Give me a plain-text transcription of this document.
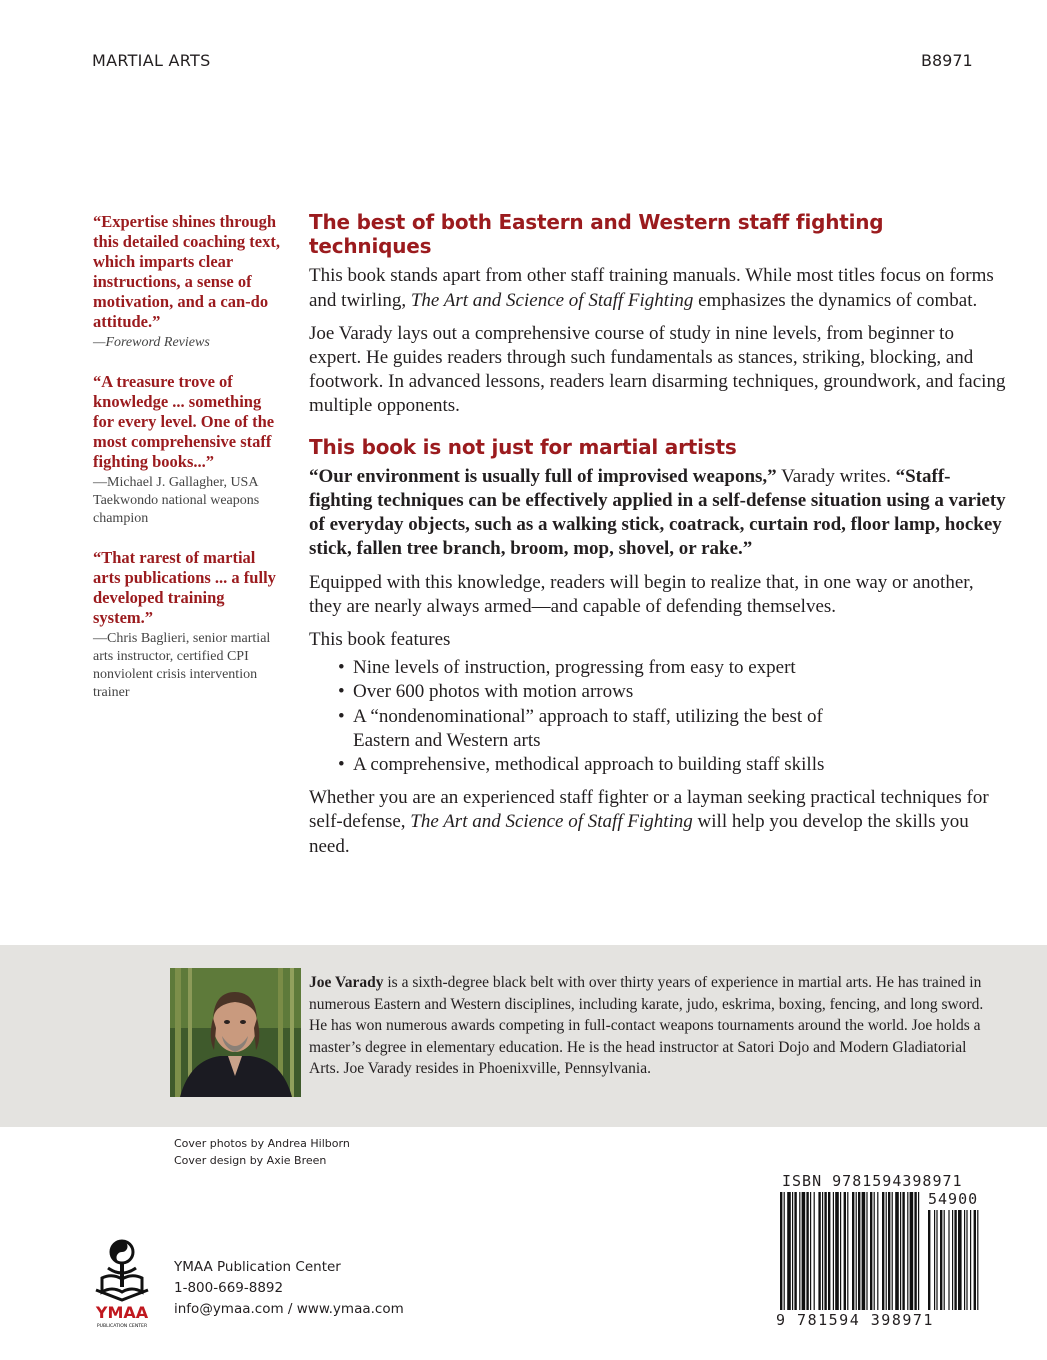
MARTIAL ARTS	B8971
“Expertise shines through this detailed coaching text, which imparts clear instructions, a sense of motivation, and a can-do attitude.”
—Foreword Reviews
“A treasure trove of knowledge ... something for every level. One of the most comprehensive staff fighting books...”
—Michael J. Gallagher, USA Taekwondo national weapons champion
“That rarest of martial arts publications ... a fully developed training system.”
—Chris Baglieri, senior martial arts instructor, certified CPI nonviolent crisis intervention trainer
The best of both Eastern and Western staff fighting techniques

This book stands apart from other staff training manuals. While most titles focus on forms and twirling, The Art and Science of Staff Fighting emphasizes the dynamics of combat.

Joe Varady lays out a comprehensive course of study in nine levels, from beginner to expert. He guides readers through such fundamentals as stances, striking, blocking, and footwork. In advanced lessons, readers learn disarming techniques, groundwork, and facing multiple opponents.

This book is not just for martial artists

“Our environment is usually full of improvised weapons,” Varady writes. “Staff-fighting techniques can be effectively applied in a self-defense situation using a variety of everyday objects, such as a walking stick, coatrack, curtain rod, floor lamp, hockey stick, fallen tree branch, broom, mop, shovel, or rake.”

Equipped with this knowledge, readers will begin to realize that, in one way or another, they are nearly always armed—and capable of defending themselves.

This book features

• Nine levels of instruction, progressing from easy to expert
• Over 600 photos with motion arrows
• A “nondenominational” approach to staff, utilizing the best of Eastern and Western arts
• A comprehensive, methodical approach to building staff skills

Whether you are an experienced staff fighter or a layman seeking practical techniques for self-defense, The Art and Science of Staff Fighting will help you develop the skills you need.

Joe Varady is a sixth-degree black belt with over thirty years of experience in martial arts. He has trained in numerous Eastern and Western disciplines, including karate, judo, eskrima, boxing, fencing, and long sword. He has won numerous awards competing in full-contact weapons tournaments around the world. Joe holds a master’s degree in elementary education. He is the head instructor at Satori Dojo and Modern Gladiatorial Arts. Joe Varady resides in Phoenixville, Pennsylvania.
Cover photos by Andrea Hilborn
Cover design by Axie Breen
YMAA
PUBLICATION CENTER
YMAA Publication Center
1-800-669-8892
info@ymaa.com / www.ymaa.com
ISBN 9781594398971
54900
9 781594 398971
